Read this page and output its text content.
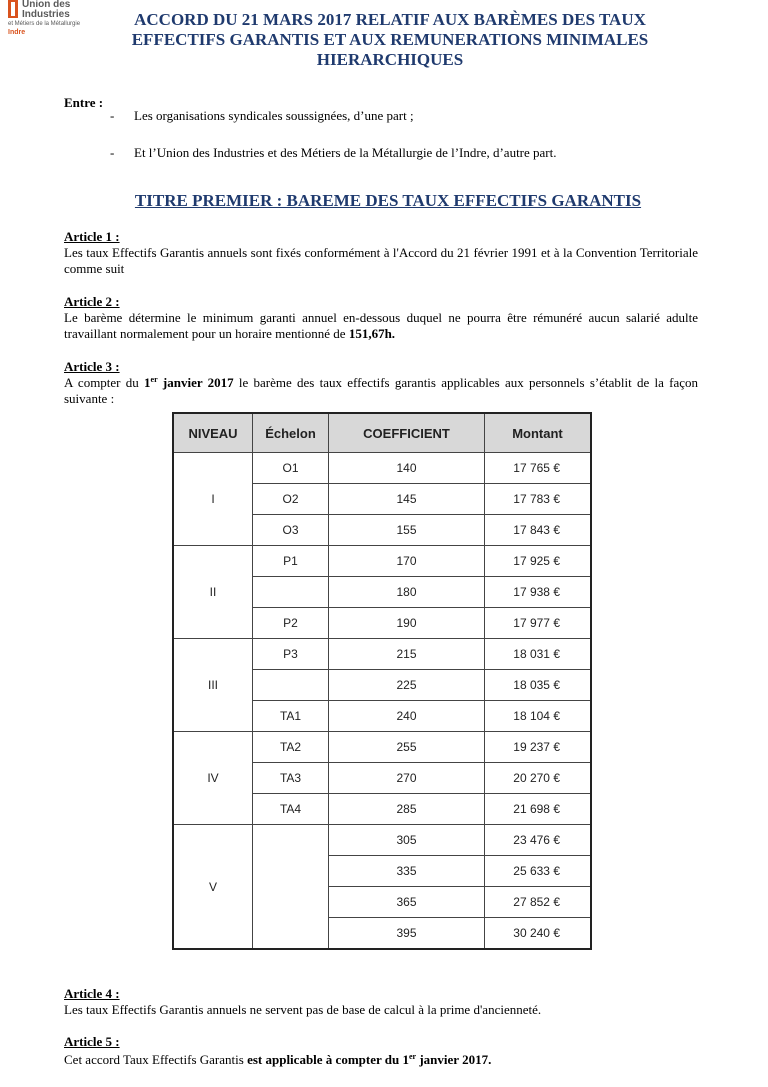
Union des
Industries
et Métiers de la Métallurgie
Indre
ACCORD DU 21 MARS 2017 RELATIF AUX BARÈMES DES TAUX
EFFECTIFS GARANTIS ET AUX REMUNERATIONS MINIMALES
HIERARCHIQUES
Entre :
- Les organisations syndicales soussignées, d’une part ;
- Et l’Union des Industries et des Métiers de la Métallurgie de l’Indre, d’autre part.
TITRE PREMIER : BAREME DES TAUX EFFECTIFS GARANTIS
Article 1 :
Les taux Effectifs Garantis annuels sont fixés conformément à l'Accord du 21 février 1991 et à la Convention Territoriale comme suit
Article 2 :
Le barème détermine le minimum garanti annuel en-dessous duquel ne pourra être rémunéré aucun salarié adulte travaillant normalement pour un horaire mentionné de 151,67h.
Article 3 :
A compter du 1er janvier 2017 le barème des taux effectifs garantis applicables aux personnels s’établit de la façon suivante :
NIVEAU	Échelon	COEFFICIENT	Montant
I	O1	140	17 765 €
	O2	145	17 783 €
	O3	155	17 843 €
II	P1	170	17 925 €
		180	17 938 €
	P2	190	17 977 €
III	P3	215	18 031 €
		225	18 035 €
	TA1	240	18 104 €
IV	TA2	255	19 237 €
	TA3	270	20 270 €
	TA4	285	21 698 €
V		305	23 476 €
		335	25 633 €
		365	27 852 €
		395	30 240 €
Article 4 :
Les taux Effectifs Garantis annuels ne servent pas de base de calcul à la prime d'ancienneté.
Article 5 :
Cet accord Taux Effectifs Garantis est applicable à compter du 1er janvier 2017.
